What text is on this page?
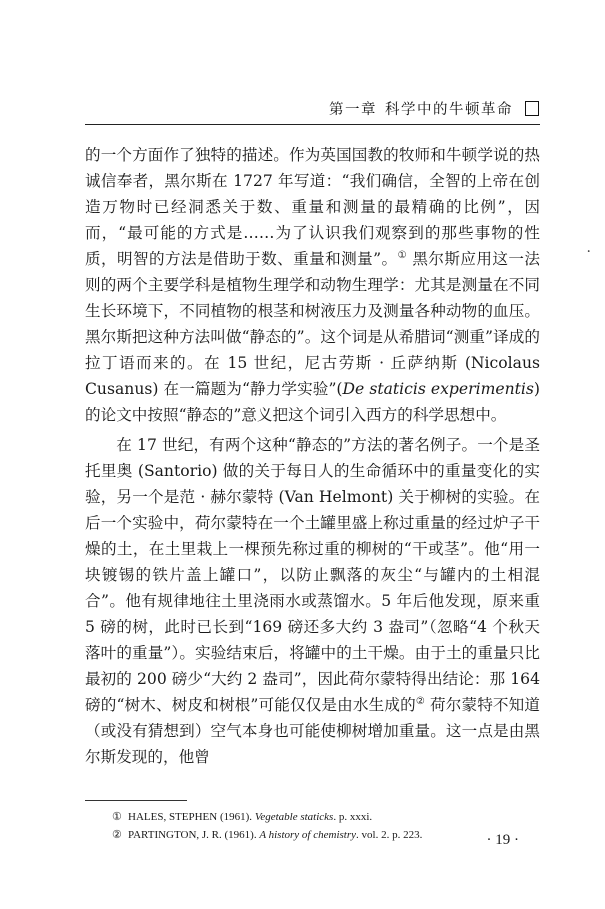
第一章 科学中的牛顿革命
·

的一个方面作了独特的描述。作为英国国教的牧师和牛顿学说的热诚信奉者，黑尔斯在 1727 年写道：“我们确信，全智的上帝在创造万物时已经洞悉关于数、重量和测量的最精确的比例”，因而，“最可能的方式是……为了认识我们观察到的那些事物的性质，明智的方法是借助于数、重量和测量”。① 黑尔斯应用这一法则的两个主要学科是植物生理学和动物生理学：尤其是测量在不同生长环境下，不同植物的根茎和树液压力及测量各种动物的血压。黑尔斯把这种方法叫做“静态的”。这个词是从希腊词“测重”译成的拉丁语而来的。在 15 世纪，尼古劳斯 · 丘萨纳斯 (Nicolaus Cusanus) 在一篇题为“静力学实验”(De staticis experimentis) 的论文中按照“静态的”意义把这个词引入西方的科学思想中。

在 17 世纪，有两个这种“静态的”方法的著名例子。一个是圣托里奥 (Santorio) 做的关于每日人的生命循环中的重量变化的实验，另一个是范 · 赫尔蒙特 (Van Helmont) 关于柳树的实验。在后一个实验中，荷尔蒙特在一个土罐里盛上称过重量的经过炉子干燥的土，在土里栽上一棵预先称过重的柳树的“干或茎”。他“用一块镀锡的铁片盖上罐口”，以防止飘落的灰尘“与罐内的土相混合”。他有规律地往土里浇雨水或蒸馏水。5 年后他发现，原来重 5 磅的树，此时已长到“169 磅还多大约 3 盎司”（忽略“4 个秋天落叶的重量”）。实验结束后，将罐中的土干燥。由于土的重量只比最初的 200 磅少“大约 2 盎司”，因此荷尔蒙特得出结论：那 164 磅的“树木、树皮和树根”可能仅仅是由水生成的② 荷尔蒙特不知道（或没有猜想到）空气本身也可能使柳树增加重量。这一点是由黑尔斯发现的，他曾

① HALES, STEPHEN (1961). Vegetable staticks. p. xxxi.
② PARTINGTON, J. R. (1961). A history of chemistry. vol. 2. p. 223.	· 19 ·
